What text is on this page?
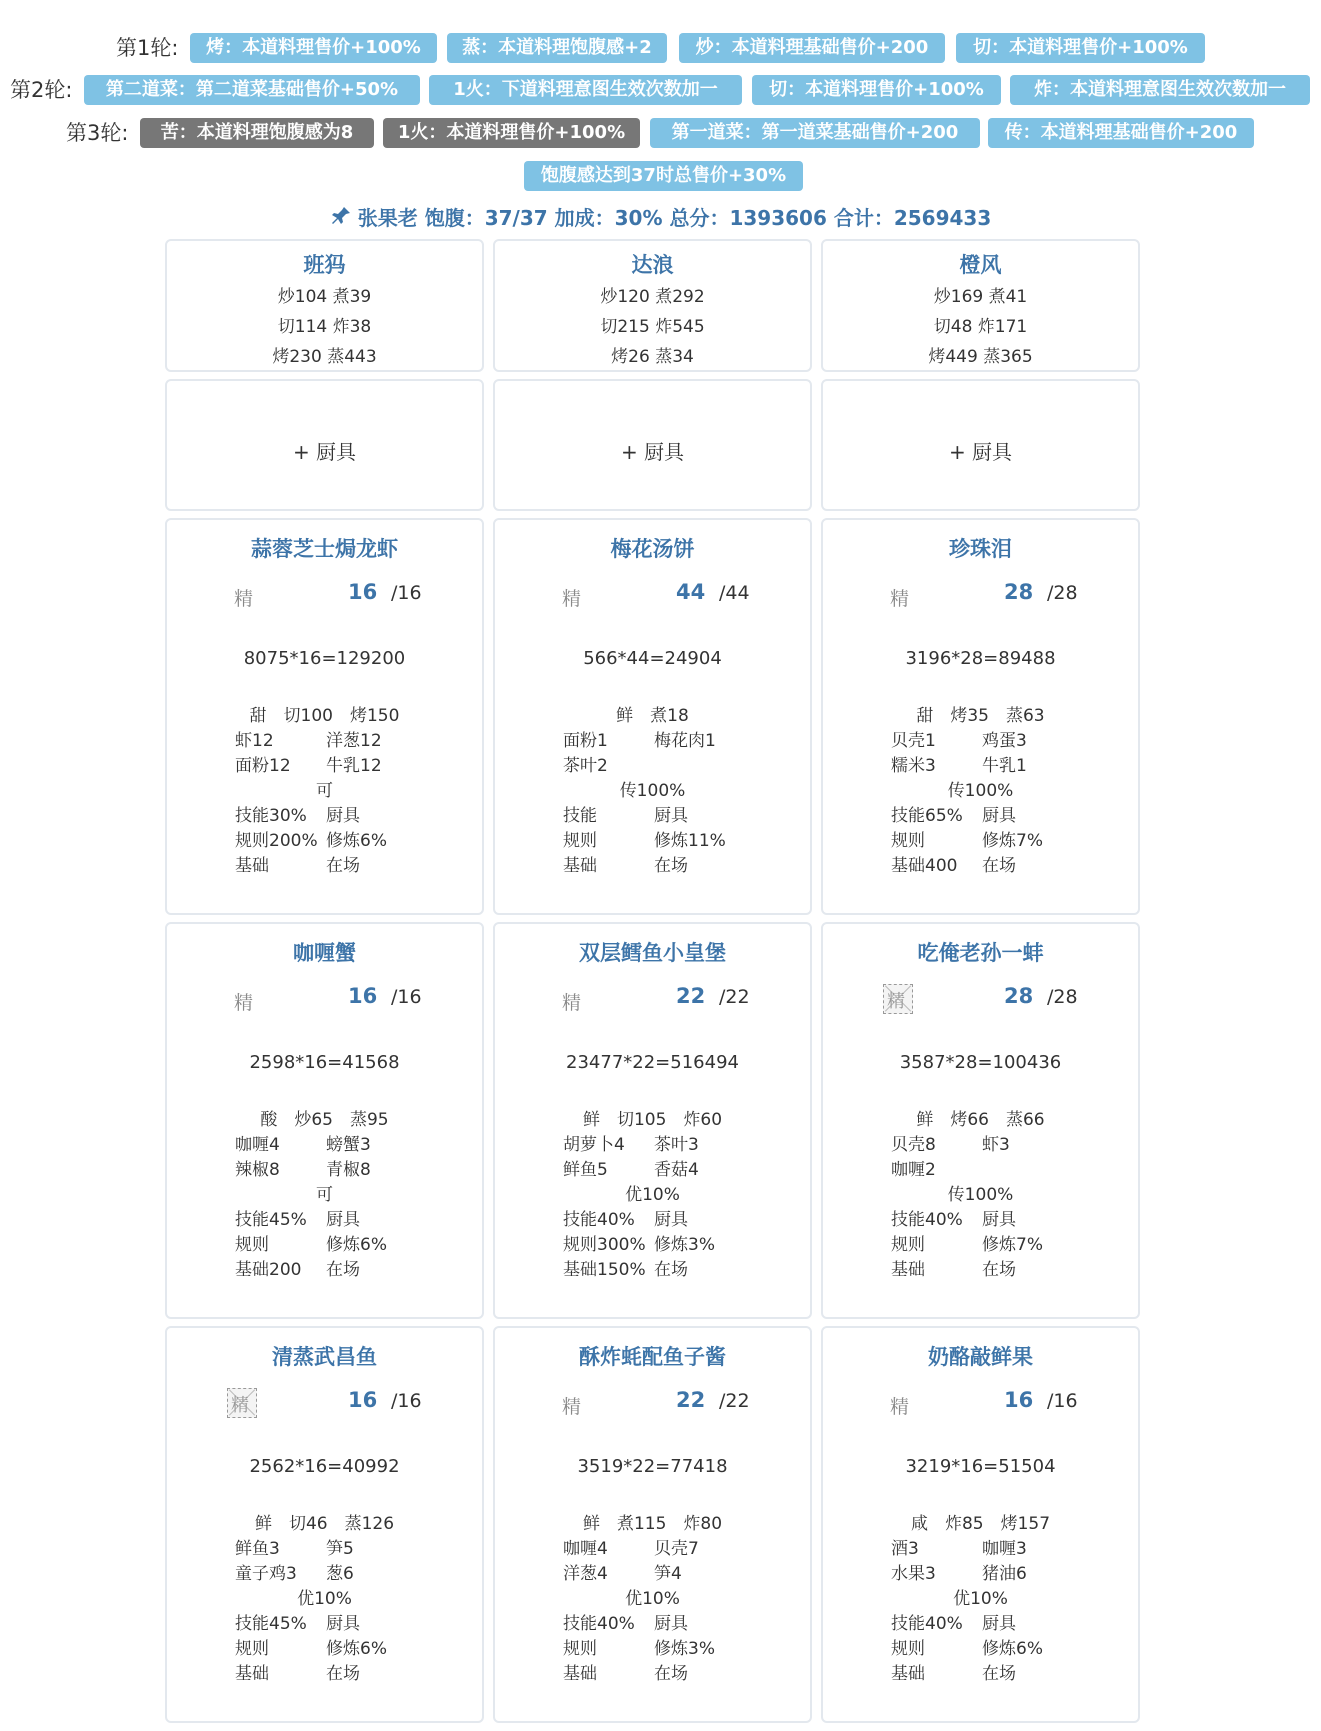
第1轮:	烤：本道料理售价+100%	蒸：本道料理饱腹感+2	炒：本道料理基础售价+200	切：本道料理售价+100%
第2轮:	第二道菜：第二道菜基础售价+50%	1火：下道料理意图生效次数加一	切：本道料理售价+100%	炸：本道料理意图生效次数加一
第3轮:	苦：本道料理饱腹感为8	1火：本道料理售价+100%	第一道菜：第一道菜基础售价+200	传：本道料理基础售价+200
饱腹感达到37时总售价+30%
张果老 饱腹：37/37 加成：30% 总分：1393606 合计：2569433
班犸
炒104 煮39
切114 炸38
烤230 蒸443
达浪
炒120 煮292
切215 炸545
烤26 蒸34
橙风
炒169 煮41
切48 炸171
烤449 蒸365
+ 厨具	+ 厨具	+ 厨具
蒜蓉芝士焗龙虾
精	16 /16
8075*16=129200
甜　切100　烤150
虾12	洋葱12
面粉12 牛乳12
可
技能30% 厨具
规则200% 修炼6%
基础	在场
梅花汤饼
精	44 /44
566*44=24904
鲜　煮18
面粉1	梅花肉1
茶叶2
传100%
技能	厨具
规则	修炼11%
基础	在场
珍珠泪
精	28 /28
3196*28=89488
甜　烤35　蒸63
贝壳1	鸡蛋3
糯米3	牛乳1
传100%
技能65% 厨具
规则	修炼7%
基础400 在场
咖喱蟹
精	16 /16
2598*16=41568
酸　炒65　蒸95
咖喱4	螃蟹3
辣椒8	青椒8
可
技能45% 厨具
规则	修炼6%
基础200 在场
双层鳕鱼小皇堡
精	22 /22
23477*22=516494
鲜　切105　炸60
胡萝卜4 茶叶3
鲜鱼5	香菇4
优10%
技能40% 厨具
规则300% 修炼3%
基础150% 在场
吃俺老孙一蚌
精	28 /28
3587*28=100436
鲜　烤66　蒸66
贝壳8	虾3
咖喱2
传100%
技能40% 厨具
规则	修炼7%
基础	在场
清蒸武昌鱼
精	16 /16
2562*16=40992
鲜　切46　蒸126
鲜鱼3	笋5
童子鸡3 葱6
优10%
技能45% 厨具
规则	修炼6%
基础	在场
酥炸蚝配鱼子酱
精	22 /22
3519*22=77418
鲜　煮115　炸80
咖喱4	贝壳7
洋葱4	笋4
优10%
技能40% 厨具
规则	修炼3%
基础	在场
奶酪敲鲜果
精	16 /16
3219*16=51504
咸　炸85　烤157
酒3	咖喱3
水果3	猪油6
优10%
技能40% 厨具
规则	修炼6%
基础	在场
